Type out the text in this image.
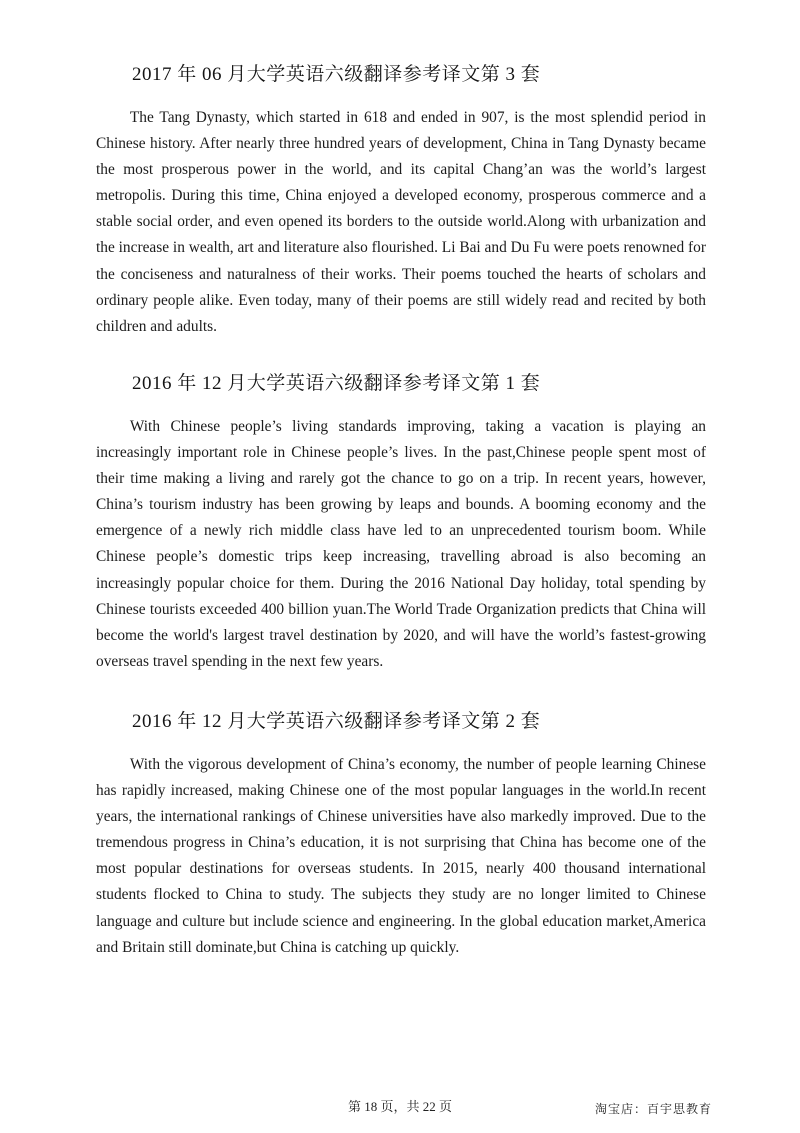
2017 年 06 月大学英语六级翻译参考译文第 3 套

The Tang Dynasty, which started in 618 and ended in 907, is the most splendid period in Chinese history. After nearly three hundred years of development, China in Tang Dynasty became the most prosperous power in the world, and its capital Chang’an was the world’s largest metropolis. During this time, China enjoyed a developed economy, prosperous commerce and a stable social order, and even opened its borders to the outside world.Along with urbanization and the increase in wealth, art and literature also flourished. Li Bai and Du Fu were poets renowned for the conciseness and naturalness of their works. Their poems touched the hearts of scholars and ordinary people alike. Even today, many of their poems are still widely read and recited by both children and adults.

2016 年 12 月大学英语六级翻译参考译文第 1 套

With Chinese people’s living standards improving, taking a vacation is playing an increasingly important role in Chinese people’s lives. In the past,Chinese people spent most of their time making a living and rarely got the chance to go on a trip. In recent years, however, China’s tourism industry has been growing by leaps and bounds. A booming economy and the emergence of a newly rich middle class have led to an unprecedented tourism boom. While Chinese people’s domestic trips keep increasing, travelling abroad is also becoming an increasingly popular choice for them. During the 2016 National Day holiday, total spending by Chinese tourists exceeded 400 billion yuan.The World Trade Organization predicts that China will become the world's largest travel destination by 2020, and will have the world’s fastest-growing overseas travel spending in the next few years.

2016 年 12 月大学英语六级翻译参考译文第 2 套

With the vigorous development of China’s economy, the number of people learning Chinese has rapidly increased, making Chinese one of the most popular languages in the world.In recent years, the international rankings of Chinese universities have also markedly improved. Due to the tremendous progress in China’s education, it is not surprising that China has become one of the most popular destinations for overseas students. In 2015, nearly 400 thousand international students flocked to China to study. The subjects they study are no longer limited to Chinese language and culture but include science and engineering. In the global education market,America and Britain still dominate,but China is catching up quickly.

第 18 页，共 22 页	淘宝店：百宇思教育
